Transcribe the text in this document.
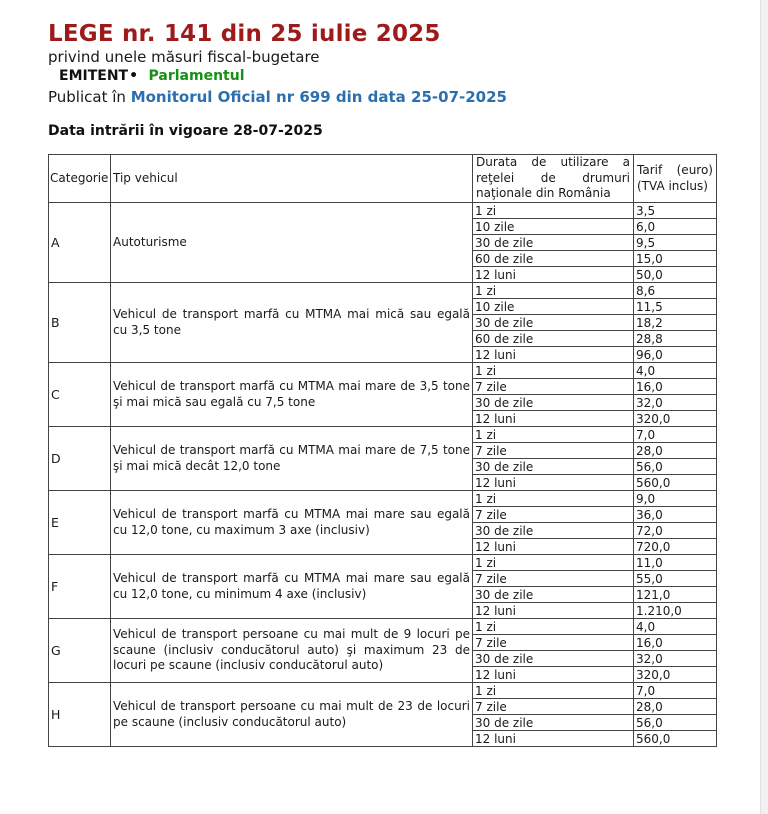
LEGE nr. 141 din 25 iulie 2025
privind unele măsuri fiscal-bugetare
EMITENT• Parlamentul
Publicat în Monitorul Oficial nr 699 din data 25-07-2025
Data intrării în vigoare 28-07-2025
Categorie	Tip vehicul	Durata de utilizare a reţelei de drumuri naţionale din România	Tarif (euro) (TVA inclus)
A	Autoturisme	1 zi	3,5
		10 zile	6,0
		30 de zile	9,5
		60 de zile	15,0
		12 luni	50,0
B	Vehicul de transport marfă cu MTMA mai mică sau egală cu 3,5 tone	1 zi	8,6
		10 zile	11,5
		30 de zile	18,2
		60 de zile	28,8
		12 luni	96,0
C	Vehicul de transport marfă cu MTMA mai mare de 3,5 tone şi mai mică sau egală cu 7,5 tone	1 zi	4,0
		7 zile	16,0
		30 de zile	32,0
		12 luni	320,0
D	Vehicul de transport marfă cu MTMA mai mare de 7,5 tone şi mai mică decât 12,0 tone	1 zi	7,0
		7 zile	28,0
		30 de zile	56,0
		12 luni	560,0
E	Vehicul de transport marfă cu MTMA mai mare sau egală cu 12,0 tone, cu maximum 3 axe (inclusiv)	1 zi	9,0
		7 zile	36,0
		30 de zile	72,0
		12 luni	720,0
F	Vehicul de transport marfă cu MTMA mai mare sau egală cu 12,0 tone, cu minimum 4 axe (inclusiv)	1 zi	11,0
		7 zile	55,0
		30 de zile	121,0
		12 luni	1.210,0
G	Vehicul de transport persoane cu mai mult de 9 locuri pe scaune (inclusiv conducătorul auto) şi maximum 23 de locuri pe scaune (inclusiv conducătorul auto)	1 zi	4,0
		7 zile	16,0
		30 de zile	32,0
		12 luni	320,0
H	Vehicul de transport persoane cu mai mult de 23 de locuri pe scaune (inclusiv conducătorul auto)	1 zi	7,0
		7 zile	28,0
		30 de zile	56,0
		12 luni	560,0
